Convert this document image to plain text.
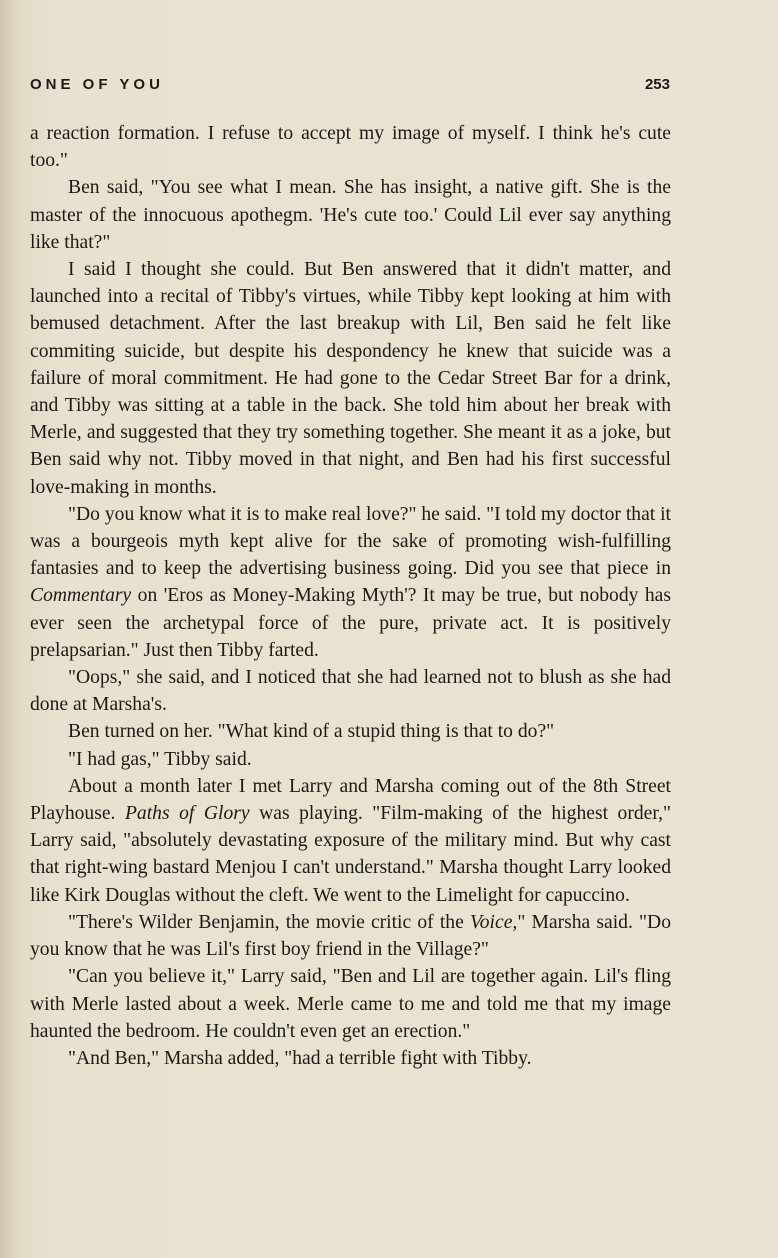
ONE OF YOU	253

a reaction formation. I refuse to accept my image of myself. I think he's cute too."

Ben said, "You see what I mean. She has insight, a native gift. She is the master of the innocuous apothegm. 'He's cute too.' Could Lil ever say anything like that?"

I said I thought she could. But Ben answered that it didn't matter, and launched into a recital of Tibby's virtues, while Tibby kept looking at him with bemused detachment. After the last breakup with Lil, Ben said he felt like commiting suicide, but despite his despondency he knew that suicide was a failure of moral commitment. He had gone to the Cedar Street Bar for a drink, and Tibby was sitting at a table in the back. She told him about her break with Merle, and suggested that they try something together. She meant it as a joke, but Ben said why not. Tibby moved in that night, and Ben had his first successful love-making in months.

"Do you know what it is to make real love?" he said. "I told my doctor that it was a bourgeois myth kept alive for the sake of promoting wish-fulfilling fantasies and to keep the advertising business going. Did you see that piece in Commentary on 'Eros as Money-Making Myth'? It may be true, but nobody has ever seen the archetypal force of the pure, private act. It is positively prelapsarian." Just then Tibby farted.

"Oops," she said, and I noticed that she had learned not to blush as she had done at Marsha's.

Ben turned on her. "What kind of a stupid thing is that to do?"

"I had gas," Tibby said.

About a month later I met Larry and Marsha coming out of the 8th Street Playhouse. Paths of Glory was playing. "Film-making of the highest order," Larry said, "absolutely devastating exposure of the military mind. But why cast that right-wing bastard Menjou I can't understand." Marsha thought Larry looked like Kirk Douglas without the cleft. We went to the Limelight for capuccino.

"There's Wilder Benjamin, the movie critic of the Voice," Marsha said. "Do you know that he was Lil's first boy friend in the Village?"

"Can you believe it," Larry said, "Ben and Lil are together again. Lil's fling with Merle lasted about a week. Merle came to me and told me that my image haunted the bedroom. He couldn't even get an erection."

"And Ben," Marsha added, "had a terrible fight with Tibby.
